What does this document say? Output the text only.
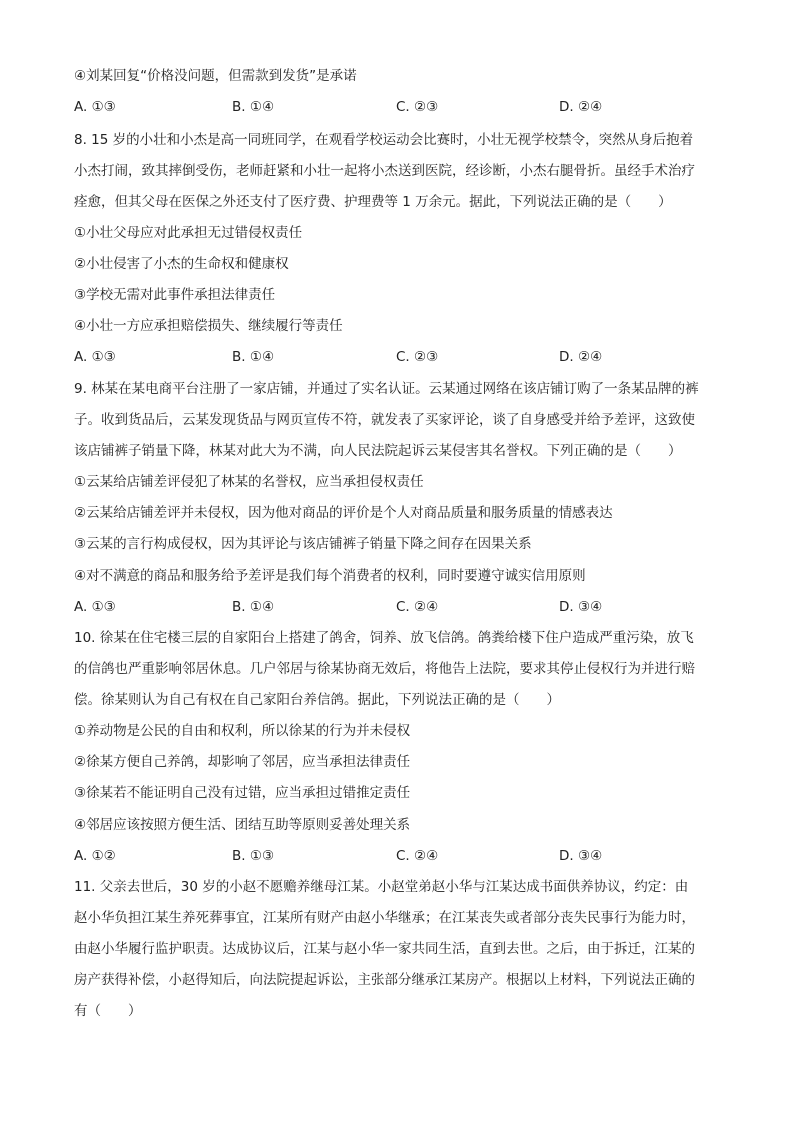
④刘某回复“价格没问题，但需款到发货”是承诺
A. ①③	B. ①④	C. ②③	D. ②④
8. 15 岁的小壮和小杰是高一同班同学，在观看学校运动会比赛时，小壮无视学校禁令，突然从身后抱着
小杰打闹，致其摔倒受伤，老师赶紧和小壮一起将小杰送到医院，经诊断，小杰右腿骨折。虽经手术治疗
痊愈，但其父母在医保之外还支付了医疗费、护理费等 1 万余元。据此，下列说法正确的是（　　）
①小壮父母应对此承担无过错侵权责任
②小壮侵害了小杰的生命权和健康权
③学校无需对此事件承担法律责任
④小壮一方应承担赔偿损失、继续履行等责任
A. ①③	B. ①④	C. ②③	D. ②④
9. 林某在某电商平台注册了一家店铺，并通过了实名认证。云某通过网络在该店铺订购了一条某品牌的裤
子。收到货品后，云某发现货品与网页宣传不符，就发表了买家评论，谈了自身感受并给予差评，这致使
该店铺裤子销量下降，林某对此大为不满，向人民法院起诉云某侵害其名誉权。下列正确的是（　　）
①云某给店铺差评侵犯了林某的名誉权，应当承担侵权责任
②云某给店铺差评并未侵权，因为他对商品的评价是个人对商品质量和服务质量的情感表达
③云某的言行构成侵权，因为其评论与该店铺裤子销量下降之间存在因果关系
④对不满意的商品和服务给予差评是我们每个消费者的权利，同时要遵守诚实信用原则
A. ①③	B. ①④	C. ②④	D. ③④
10. 徐某在住宅楼三层的自家阳台上搭建了鸽舍，饲养、放飞信鸽。鸽粪给楼下住户造成严重污染，放飞
的信鸽也严重影响邻居休息。几户邻居与徐某协商无效后，将他告上法院，要求其停止侵权行为并进行赔
偿。徐某则认为自己有权在自己家阳台养信鸽。据此，下列说法正确的是（　　）
①养动物是公民的自由和权利，所以徐某的行为并未侵权
②徐某方便自己养鸽，却影响了邻居，应当承担法律责任
③徐某若不能证明自己没有过错，应当承担过错推定责任
④邻居应该按照方便生活、团结互助等原则妥善处理关系
A. ①②	B. ①③	C. ②④	D. ③④
11. 父亲去世后，30 岁的小赵不愿赡养继母江某。小赵堂弟赵小华与江某达成书面供养协议，约定：由
赵小华负担江某生养死葬事宜，江某所有财产由赵小华继承；在江某丧失或者部分丧失民事行为能力时，
由赵小华履行监护职责。达成协议后，江某与赵小华一家共同生活，直到去世。之后，由于拆迁，江某的
房产获得补偿，小赵得知后，向法院提起诉讼，主张部分继承江某房产。根据以上材料，下列说法正确的
有（　　）
